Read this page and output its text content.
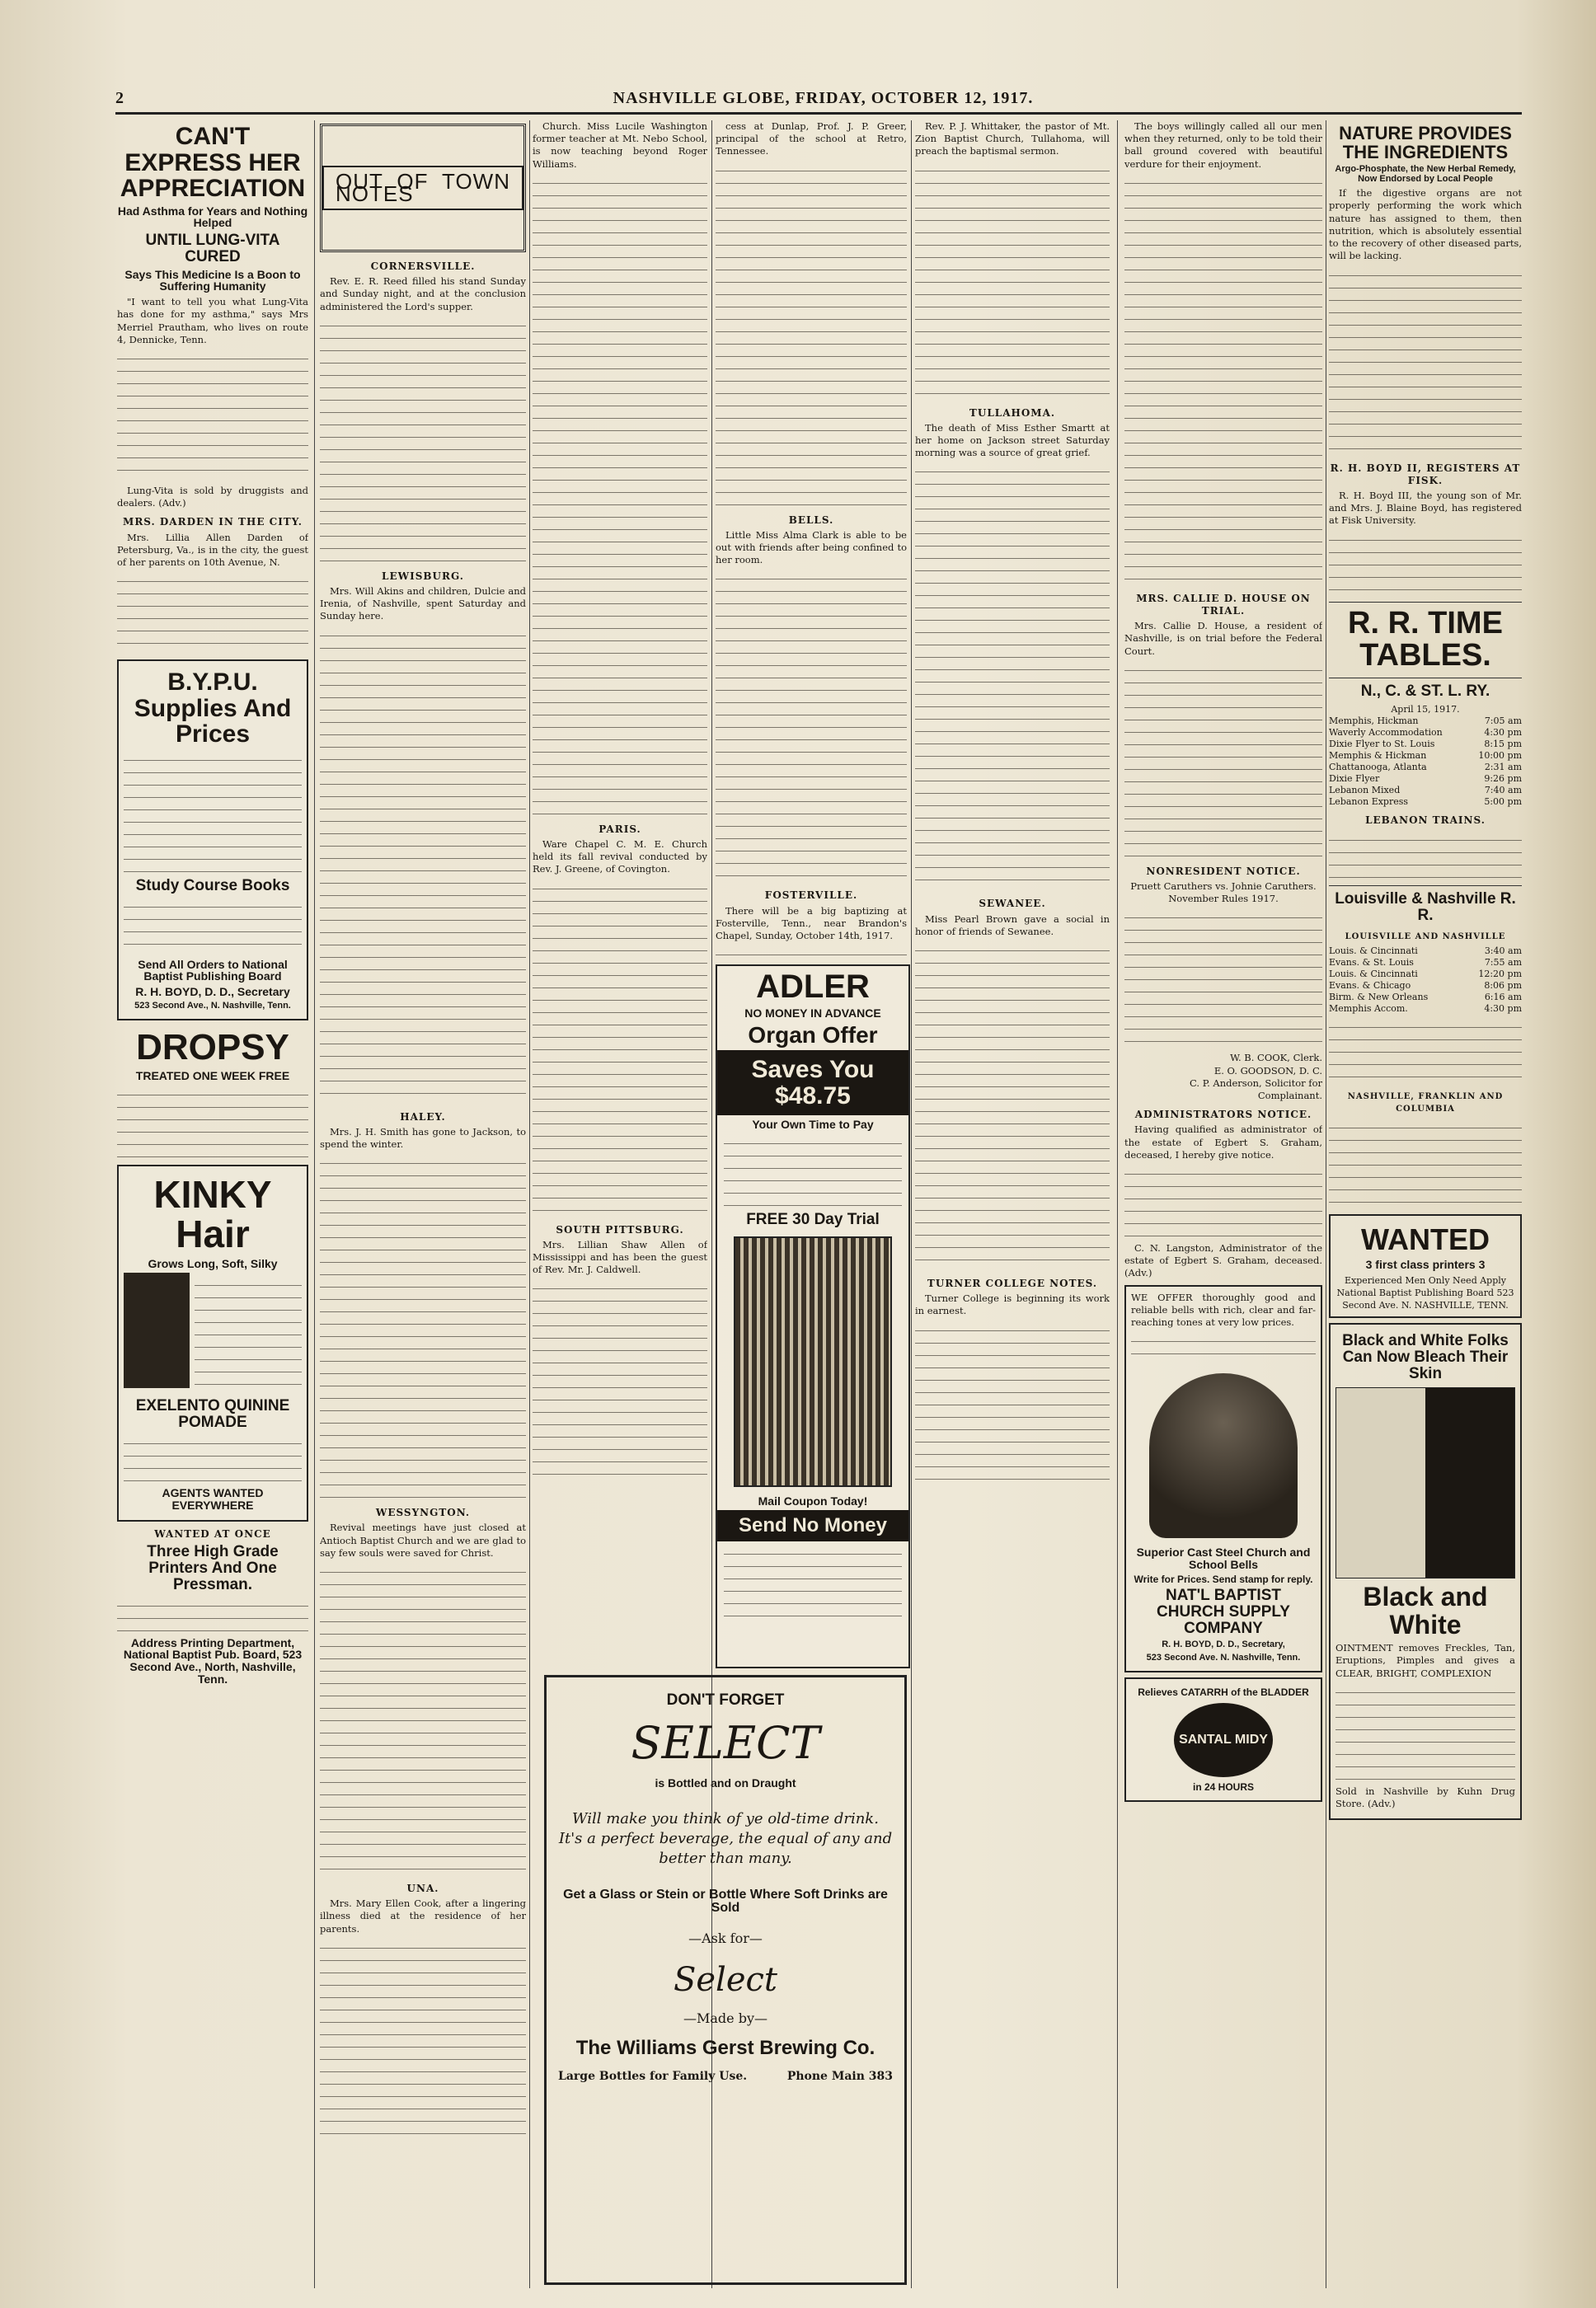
2	NASHVILLE GLOBE, FRIDAY, OCTOBER 12, 1917.
CAN'T EXPRESS HER APPRECIATION
Had Asthma for Years and Nothing Helped
UNTIL LUNG-VITA CURED
Says This Medicine Is a Boon to Suffering Humanity

"I want to tell you what Lung-Vita has done for my asthma," says Mrs Merriel Prautham, who lives on route 4, Dennicke, Tenn.

Lung-Vita is sold by druggists and dealers. (Adv.)

MRS. DARDEN IN THE CITY.

Mrs. Lillia Allen Darden of Petersburg, Va., is in the city, the guest of her parents on 10th Avenue, N.

B.Y.P.U. Supplies And Prices
Study Course Books
Send All Orders to National Baptist Publishing Board
R. H. BOYD, D. D., Secretary
523 Second Ave., N. Nashville, Tenn.
DROPSY
TREATED ONE WEEK FREE
KINKY Hair
Grows Long, Soft, Silky
EXELENTO QUININE POMADE
AGENTS WANTED EVERYWHERE
WANTED AT ONCE
Three High Grade Printers And One Pressman.
Address Printing Department, National Baptist Pub. Board, 523 Second Ave., North, Nashville, Tenn.
OUT OF TOWN NOTES
CORNERSVILLE.

Rev. E. R. Reed filled his stand Sunday and Sunday night, and at the conclusion administered the Lord's supper.

LEWISBURG.

Mrs. Will Akins and children, Dulcie and Irenia, of Nashville, spent Saturday and Sunday here.

HALEY.

Mrs. J. H. Smith has gone to Jackson, to spend the winter.

WESSYNGTON.

Revival meetings have just closed at Antioch Baptist Church and we are glad to say few souls were saved for Christ.

UNA.

Mrs. Mary Ellen Cook, after a lingering illness died at the residence of her parents.

Church. Miss Lucile Washington former teacher at Mt. Nebo School, is now teaching beyond Roger Williams.

PARIS.

Ware Chapel C. M. E. Church held its fall revival conducted by Rev. J. Greene, of Covington.

SOUTH PITTSBURG.

Mrs. Lillian Shaw Allen of Mississippi and has been the guest of Rev. Mr. J. Caldwell.

cess at Dunlap, Prof. J. P. Greer, principal of the school at Retro, Tennessee.

BELLS.

Little Miss Alma Clark is able to be out with friends after being confined to her room.

FOSTERVILLE.

There will be a big baptizing at Fosterville, Tenn., near Brandon's Chapel, Sunday, October 14th, 1917.

ADLER
NO MONEY IN ADVANCE
Organ Offer
Saves You $48.75
Your Own Time to Pay
FREE 30 Day Trial
Mail Coupon Today!
Send No Money
DON'T FORGET
SELECT
is Bottled and on Draught
Will make you think of ye old-time drink. It's a perfect beverage, the equal of any and better than many.
Get a Glass or Stein or Bottle Where Soft Drinks are Sold
—Ask for—
Select
—Made by—
The Williams Gerst Brewing Co.
Large Bottles for Family Use.	Phone Main 383

Rev. P. J. Whittaker, the pastor of Mt. Zion Baptist Church, Tullahoma, will preach the baptismal sermon.

TULLAHOMA.

The death of Miss Esther Smartt at her home on Jackson street Saturday morning was a source of great grief.

SEWANEE.

Miss Pearl Brown gave a social in honor of friends of Sewanee.

TURNER COLLEGE NOTES.

Turner College is beginning its work in earnest.

The boys willingly called all our men when they returned, only to be told their ball ground covered with beautiful verdure for their enjoyment.

MRS. CALLIE D. HOUSE ON TRIAL.

Mrs. Callie D. House, a resident of Nashville, is on trial before the Federal Court.

NONRESIDENT NOTICE.
Pruett Caruthers vs. Johnie Caruthers.
November Rules 1917.
W. B. COOK, Clerk.
E. O. GOODSON, D. C.
C. P. Anderson, Solicitor for Complainant.
ADMINISTRATORS NOTICE.

Having qualified as administrator of the estate of Egbert S. Graham, deceased, I hereby give notice.

C. N. Langston, Administrator of the estate of Egbert S. Graham, deceased. (Adv.)

WE OFFER thoroughly good and reliable bells with rich, clear and far-reaching tones at very low prices.

Superior Cast Steel Church and School Bells
Write for Prices. Send stamp for reply.
NAT'L BAPTIST CHURCH SUPPLY COMPANY
R. H. BOYD, D. D., Secretary,
523 Second Ave. N. Nashville, Tenn.
Relieves CATARRH of the BLADDER
SANTAL MIDY
in 24 HOURS
NATURE PROVIDES THE INGREDIENTS
Argo-Phosphate, the New Herbal Remedy, Now Endorsed by Local People

If the digestive organs are not properly performing the work which nature has assigned to them, then nutrition, which is absolutely essential to the recovery of other diseased parts, will be lacking.

R. H. BOYD II, REGISTERS AT FISK.

R. H. Boyd III, the young son of Mr. and Mrs. J. Blaine Boyd, has registered at Fisk University.

R. R. TIME TABLES.
N., C. & ST. L. RY.
April 15, 1917.
Memphis, Hickman	7:05 am
Waverly Accommodation	4:30 pm
Dixie Flyer to St. Louis	8:15 pm
Memphis & Hickman	10:00 pm
Chattanooga, Atlanta	2:31 am
Dixie Flyer	9:26 pm
Lebanon Mixed	7:40 am
Lebanon Express	5:00 pm
LEBANON TRAINS.
Louisville & Nashville R. R.
LOUISVILLE AND NASHVILLE
Louis. & Cincinnati	3:40 am
Evans. & St. Louis	7:55 am
Louis. & Cincinnati	12:20 pm
Evans. & Chicago	8:06 pm
Birm. & New Orleans	6:16 am
Memphis Accom.	4:30 pm
NASHVILLE, FRANKLIN AND COLUMBIA
WANTED
3 first class printers 3
Experienced Men Only Need Apply National Baptist Publishing Board 523 Second Ave. N. NASHVILLE, TENN.
Black and White Folks Can Now Bleach Their Skin
Black and White

OINTMENT removes Freckles, Tan, Eruptions, Pimples and gives a CLEAR, BRIGHT, COMPLEXION

Sold in Nashville by Kuhn Drug Store. (Adv.)
